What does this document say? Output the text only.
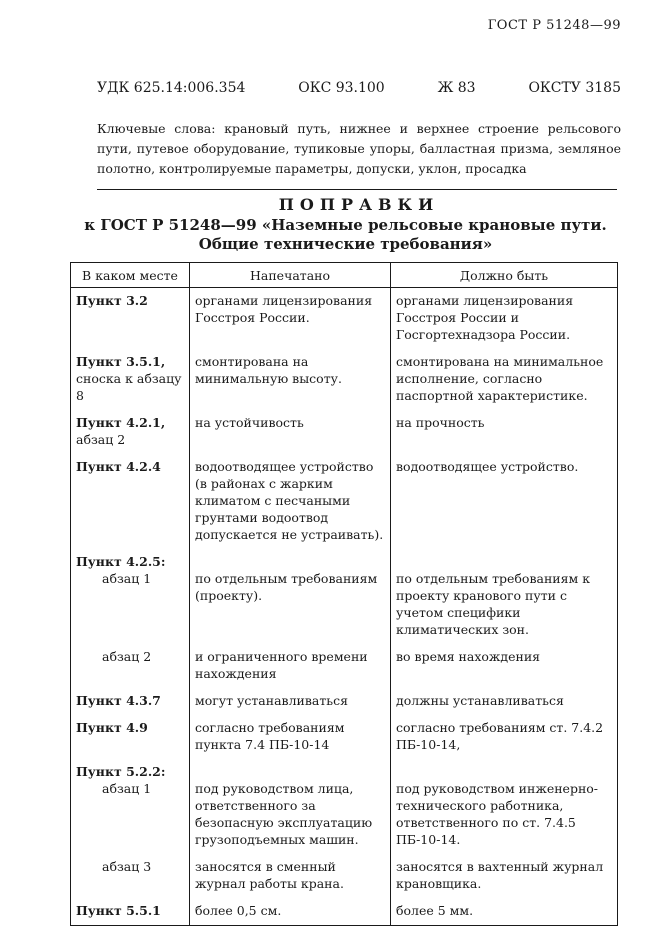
ГОСТ Р 51248—99
УДК 625.14:006.354	ОКС 93.100	Ж 83	ОКСТУ 3185
Ключевые слова: крановый путь, нижнее и верхнее строение рельсового пути, путевое оборудование, тупиковые упоры, балластная призма, земляное полотно, контролируемые параметры, допуски, уклон, просадка
ПОПРАВКИ
к ГОСТ Р 51248—99 «Наземные рельсовые крановые пути.
Общие технические требования»
В каком месте	Напечатано	Должно быть

Пункт 3.2	органами лицензирования Госстроя России.	органами лицензирования Госстроя России и Госгортехнадзора России.

Пункт 3.5.1,
сноска к абзацу 8	смонтирована на минимальную высоту.	смонтирована на минимальное исполнение, согласно паспортной характеристике.

Пункт 4.2.1,
абзац 2	на устойчивость	на прочность

Пункт 4.2.4	водоотводящее устройство (в районах с жарким климатом с песчаными грунтами водоотвод допускается не устраивать).	водоотводящее устройство.

Пункт 4.2.5:
абзац 1	по отдельным требованиям (проекту).	по отдельным требованиям к проекту кранового пути с учетом специфики климатических зон.

абзац 2	и ограниченного времени нахождения	во время нахождения

Пункт 4.3.7	могут устанавливаться	должны устанавливаться

Пункт 4.9	согласно требованиям пункта 7.4 ПБ-10-14	согласно требованиям ст. 7.4.2 ПБ-10-14,

Пункт 5.2.2:
абзац 1	под руководством лица, ответственного за безопасную эксплуатацию грузоподъемных машин.	под руководством инженерно-технического работника, ответственного по ст. 7.4.5 ПБ-10-14.

абзац 3	заносятся в сменный журнал работы крана.	заносятся в вахтенный журнал крановщика.

Пункт 5.5.1	более 0,5 см.	более 5 мм.
